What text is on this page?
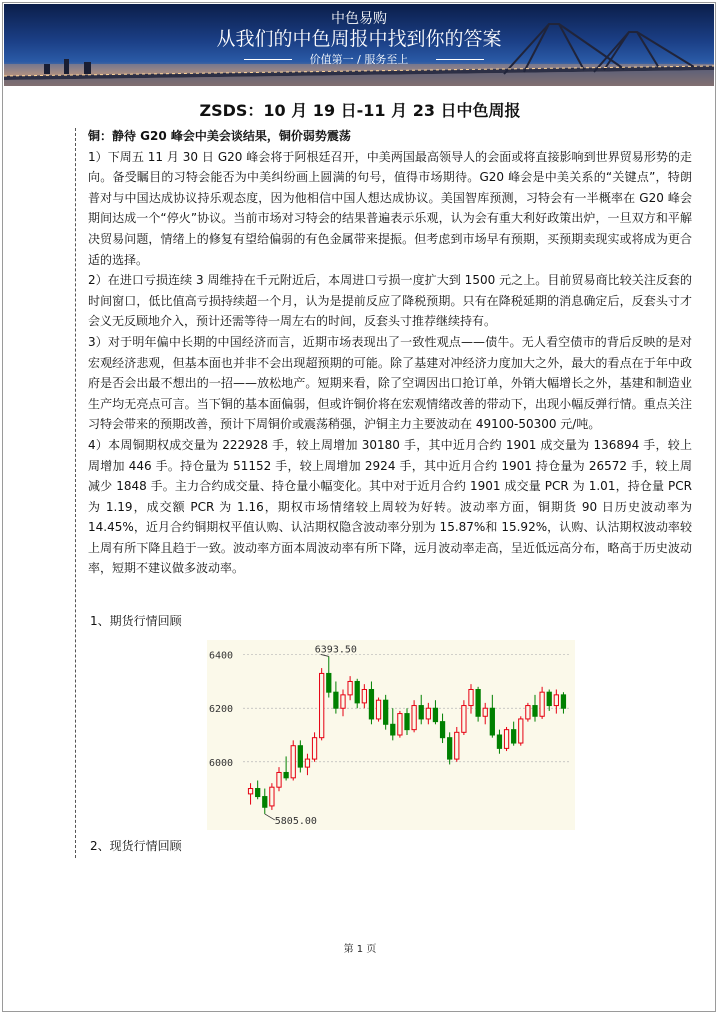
中色易购
从我们的中色周报中找到你的答案
价值第一 / 服务至上
ZSDS：10 月 19 日-11 月 23 日中色周报

铜：静待 G20 峰会中美会谈结果，铜价弱势震荡

1）下周五 11 月 30 日 G20 峰会将于阿根廷召开，中美两国最高领导人的会面或将直接影响到世界贸易形势的走向。备受瞩目的习特会能否为中美纠纷画上圆满的句号，值得市场期待。G20 峰会是中美关系的“关键点”，特朗普对与中国达成协议持乐观态度，因为他相信中国人想达成协议。美国智库预测，习特会有一半概率在 G20 峰会期间达成一个“停火”协议。当前市场对习特会的结果普遍表示乐观，认为会有重大利好政策出炉，一旦双方和平解决贸易问题，情绪上的修复有望给偏弱的有色金属带来提振。但考虑到市场早有预期，买预期卖现实或将成为更合适的选择。

2）在进口亏损连续 3 周维持在千元附近后，本周进口亏损一度扩大到 1500 元之上。目前贸易商比较关注反套的时间窗口，低比值高亏损持续超一个月，认为是提前反应了降税预期。只有在降税延期的消息确定后，反套头寸才会义无反顾地介入，预计还需等待一周左右的时间，反套头寸推荐继续持有。

3）对于明年偏中长期的中国经济而言，近期市场表现出了一致性观点——债牛。无人看空债市的背后反映的是对宏观经济悲观，但基本面也并非不会出现超预期的可能。除了基建对冲经济力度加大之外，最大的看点在于年中政府是否会出最不想出的一招——放松地产。短期来看，除了空调因出口抢订单，外销大幅增长之外，基建和制造业生产均无亮点可言。当下铜的基本面偏弱，但或许铜价将在宏观情绪改善的带动下，出现小幅反弹行情。重点关注习特会带来的预期改善，预计下周铜价或震荡稍强，沪铜主力主要波动在 49100-50300 元/吨。

4）本周铜期权成交量为 222928 手，较上周增加 30180 手，其中近月合约 1901 成交量为 136894 手，较上周增加 446 手。持仓量为 51152 手，较上周增加 2924 手，其中近月合约 1901 持仓量为 26572 手，较上周减少 1848 手。主力合约成交量、持仓量小幅变化。其中对于近月合约 1901 成交量 PCR 为 1.01，持仓量 PCR 为 1.19，成交额 PCR 为 1.16，期权市场情绪较上周较为好转。波动率方面，铜期货 90 日历史波动率为 14.45%，近月合约铜期权平值认购、认沽期权隐含波动率分别为 15.87%和 15.92%，认购、认沽期权波动率较上周有所下降且趋于一致。波动率方面本周波动率有所下降，远月波动率走高，呈近低远高分布，略高于历史波动率，短期不建议做多波动率。

1、期货行情回顾
6000
6200
6400
6393.50
5805.00
2、现货行情回顾
第 1 页
